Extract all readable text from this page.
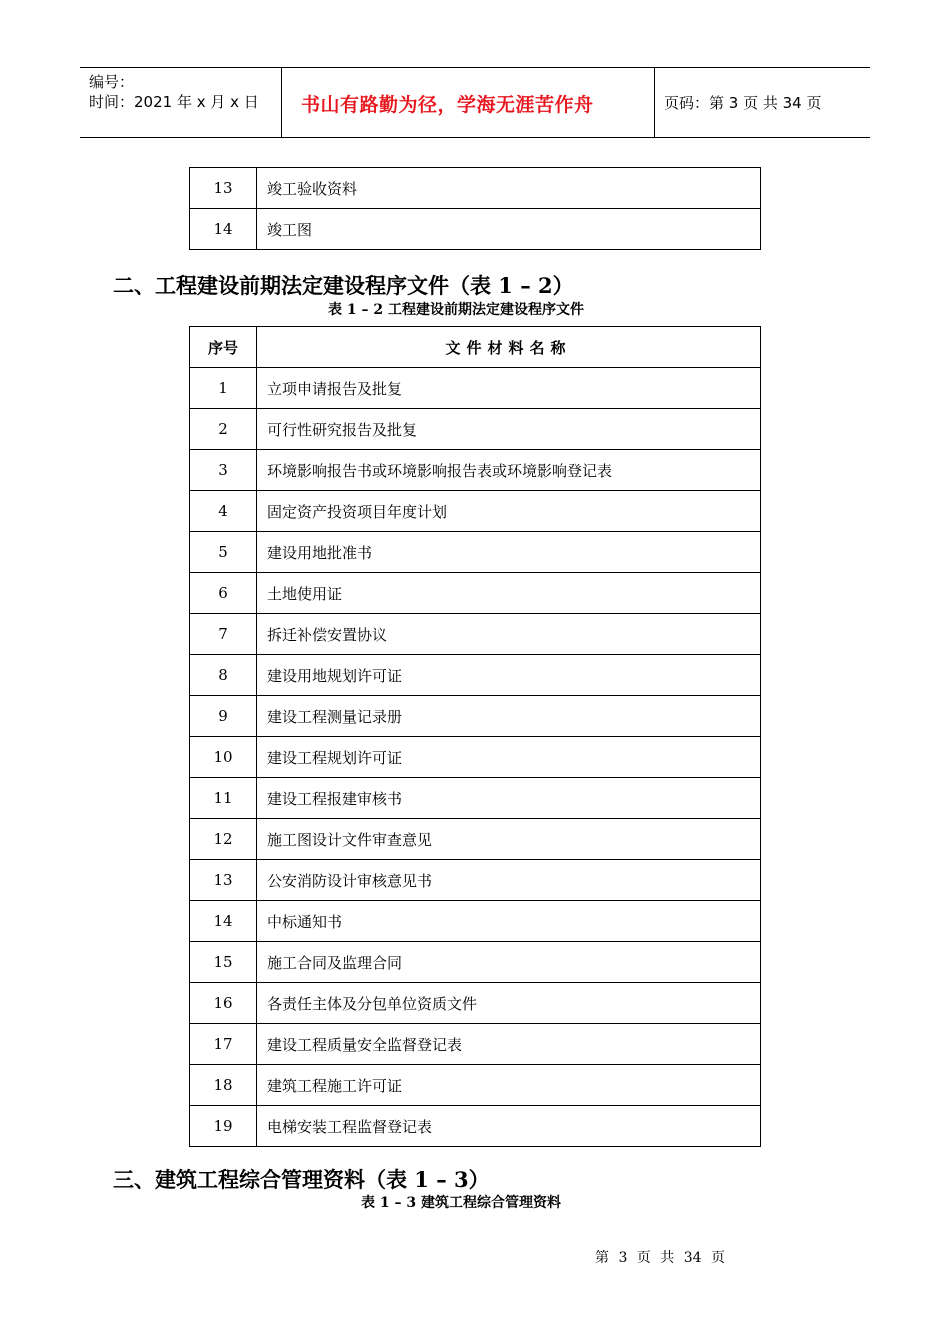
编号：
时间：2021 年 x 月 x 日 书山有路勤为径，学海无涯苦作舟	页码：第 3 页 共 34 页
13	竣工验收资料
14	竣工图
二、工程建设前期法定建设程序文件（表 1 – 2）
表 1 – 2 工程建设前期法定建设程序文件
序号	文件材料名称
1	立项申请报告及批复
2	可行性研究报告及批复
3	环境影响报告书或环境影响报告表或环境影响登记表
4	固定资产投资项目年度计划
5	建设用地批准书
6	土地使用证
7	拆迁补偿安置协议
8	建设用地规划许可证
9	建设工程测量记录册
10	建设工程规划许可证
11	建设工程报建审核书
12	施工图设计文件审查意见
13	公安消防设计审核意见书
14	中标通知书
15	施工合同及监理合同
16	各责任主体及分包单位资质文件
17	建设工程质量安全监督登记表
18	建筑工程施工许可证
19	电梯安装工程监督登记表
三、建筑工程综合管理资料（表 1 – 3）
表 1 – 3 建筑工程综合管理资料
第 3 页 共 34 页
